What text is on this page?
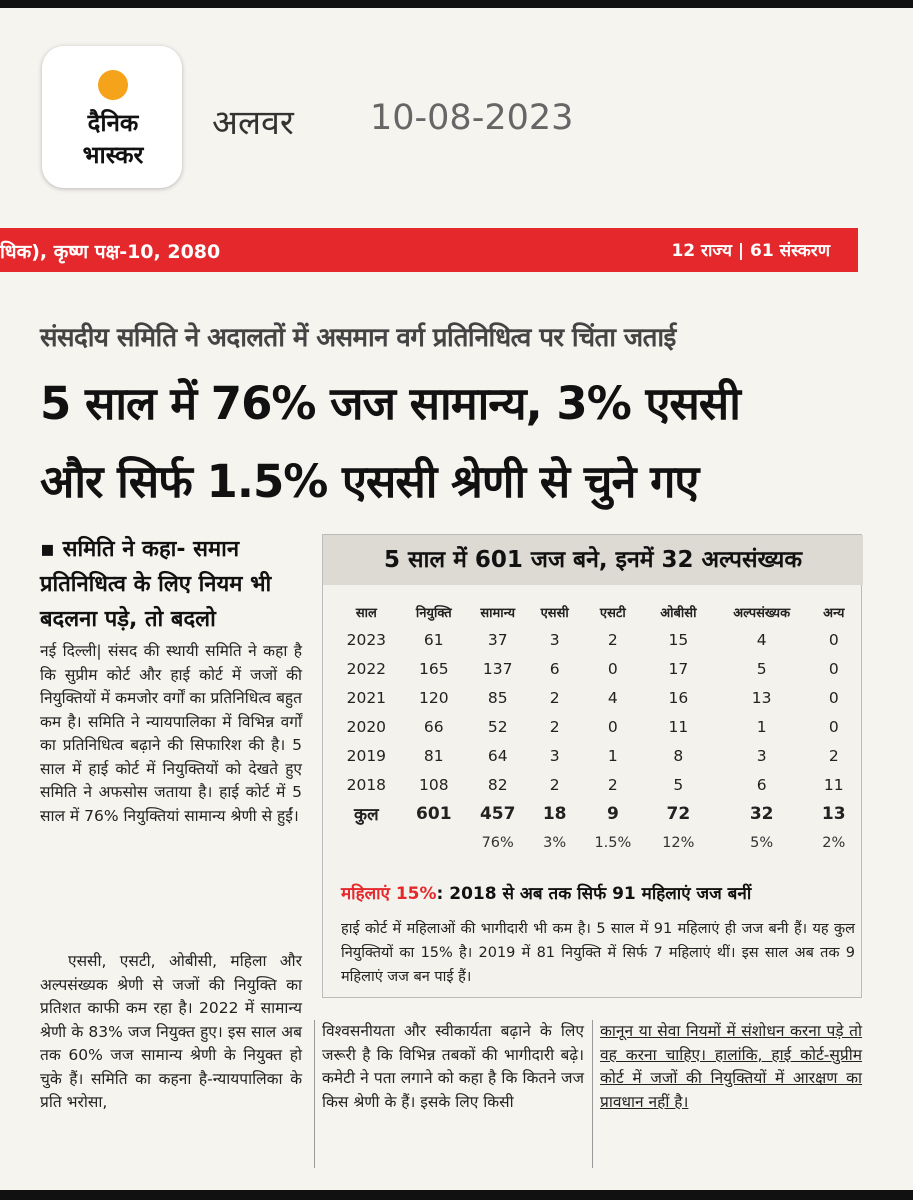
दैनिक
भास्कर
अलवर 10-08-2023
धिक), कृष्ण पक्ष-10, 2080	12 राज्य | 61 संस्करण
संसदीय समिति ने अदालतों में असमान वर्ग प्रतिनिधित्व पर चिंता जताई
5 साल में 76% जज सामान्य, 3% एससी
और सिर्फ 1.5% एससी श्रेणी से चुने गए
▪ समिति ने कहा- समान प्रतिनिधित्व के लिए नियम भी बदलना पड़े, तो बदलो
नई दिल्ली| संसद की स्थायी समिति ने कहा है कि सुप्रीम कोर्ट और हाई कोर्ट में जजों की नियुक्तियों में कमजोर वर्गों का प्रतिनिधित्व बहुत कम है। समिति ने न्यायपालिका में विभिन्न वर्गों का प्रतिनिधित्व बढ़ाने की सिफारिश की है। 5 साल में हाई कोर्ट में नियुक्तियों को देखते हुए समिति ने अफसोस जताया है। हाई कोर्ट में 5 साल में 76% नियुक्तियां सामान्य श्रेणी से हुईं।
एससी, एसटी, ओबीसी, महिला और अल्पसंख्यक श्रेणी से जजों की नियुक्ति का प्रतिशत काफी कम रहा है। 2022 में सामान्य श्रेणी के 83% जज नियुक्त हुए। इस साल अब तक 60% जज सामान्य श्रेणी के नियुक्त हो चुके हैं। समिति का कहना है-न्यायपालिका के प्रति भरोसा,
5 साल में 601 जज बने, इनमें 32 अल्पसंख्यक
साल	नियुक्ति	सामान्य	एससी	एसटी	ओबीसी	अल्पसंख्यक	अन्य
2023	61	37	3	2	15	4	0
2022	165	137	6	0	17	5	0
2021	120	85	2	4	16	13	0
2020	66	52	2	0	11	1	0
2019	81	64	3	1	8	3	2
2018	108	82	2	2	5	6	11
कुल	601	457	18	9	72	32	13
		76%	3%	1.5%	12%	5%	2%
महिलाएं 15%: 2018 से अब तक सिर्फ 91 महिलाएं जज बनीं
हाई कोर्ट में महिलाओं की भागीदारी भी कम है। 5 साल में 91 महिलाएं ही जज बनी हैं। यह कुल नियुक्तियों का 15% है। 2019 में 81 नियुक्ति में सिर्फ 7 महिलाएं थीं। इस साल अब तक 9 महिलाएं जज बन पाई हैं।
विश्वसनीयता और स्वीकार्यता बढ़ाने के लिए जरूरी है कि विभिन्न तबकों की भागीदारी बढ़े। कमेटी ने पता लगाने को कहा है कि कितने जज किस श्रेणी के हैं। इसके लिए किसी
कानून या सेवा नियमों में संशोधन करना पड़े तो वह करना चाहिए। हालांकि, हाई कोर्ट-सुप्रीम कोर्ट में जजों की नियुक्तियों में आरक्षण का प्रावधान नहीं है।
